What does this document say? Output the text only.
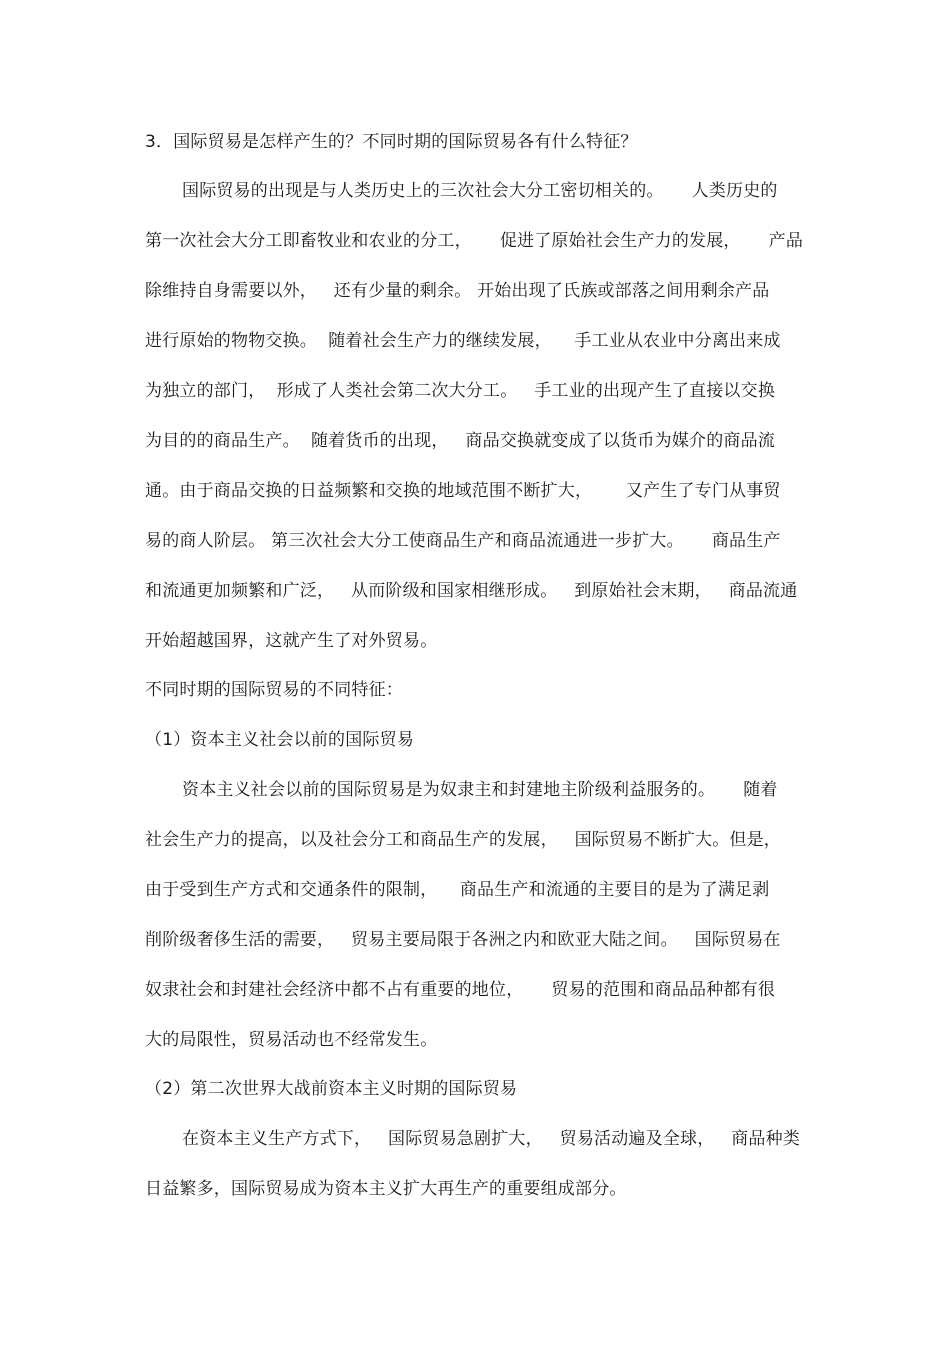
3．国际贸易是怎样产生的？不同时期的国际贸易各有什么特征？
国际贸易的出现是与人类历史上的三次社会大分工密切相关的。     人类历史的
第一次社会大分工即畜牧业和农业的分工，     促进了原始社会生产力的发展，     产品
除维持自身需要以外，   还有少量的剩余。 开始出现了氏族或部落之间用剩余产品
进行原始的物物交换。  随着社会生产力的继续发展，    手工业从农业中分离出来成
为独立的部门，  形成了人类社会第二次大分工。   手工业的出现产生了直接以交换
为目的的商品生产。  随着货币的出现，   商品交换就变成了以货币为媒介的商品流
通。由于商品交换的日益频繁和交换的地域范围不断扩大，      又产生了专门从事贸
易的商人阶层。 第三次社会大分工使商品生产和商品流通进一步扩大。     商品生产
和流通更加频繁和广泛，   从而阶级和国家相继形成。   到原始社会末期，   商品流通
开始超越国界，这就产生了对外贸易。
不同时期的国际贸易的不同特征：
（1）资本主义社会以前的国际贸易
资本主义社会以前的国际贸易是为奴隶主和封建地主阶级利益服务的。     随着
社会生产力的提高，以及社会分工和商品生产的发展，   国际贸易不断扩大。但是，
由于受到生产方式和交通条件的限制，    商品生产和流通的主要目的是为了满足剥
削阶级奢侈生活的需要，   贸易主要局限于各洲之内和欧亚大陆之间。   国际贸易在
奴隶社会和封建社会经济中都不占有重要的地位，     贸易的范围和商品品种都有很
大的局限性，贸易活动也不经常发生。
（2）第二次世界大战前资本主义时期的国际贸易
在资本主义生产方式下，   国际贸易急剧扩大，   贸易活动遍及全球，   商品种类
日益繁多，国际贸易成为资本主义扩大再生产的重要组成部分。
